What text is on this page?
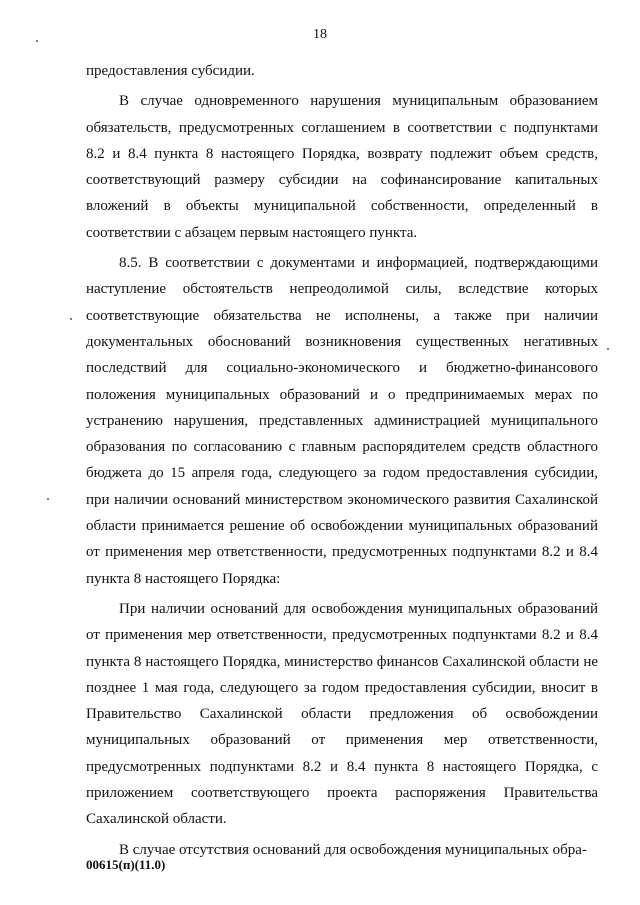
18

предоставления субсидии.

В случае одновременного нарушения муниципальным образованием обязательств, предусмотренных соглашением в соответствии с подпунктами 8.2 и 8.4 пункта 8 настоящего Порядка, возврату подлежит объем средств, соответствующий размеру субсидии на софинансирование капитальных вложений в объекты муниципальной собственности, определенный в соответствии с абзацем первым настоящего пункта.

8.5. В соответствии с документами и информацией, подтверждающими наступление обстоятельств непреодолимой силы, вследствие которых соответствующие обязательства не исполнены, а также при наличии документальных обоснований возникновения существенных негативных последствий для социально-экономического и бюджетно-финансового положения муниципальных образований и о предпринимаемых мерах по устранению нарушения, представленных администрацией муниципального образования по согласованию с главным распорядителем средств областного бюджета до 15 апреля года, следующего за годом предоставления субсидии, при наличии оснований министерством экономического развития Сахалинской области принимается решение об освобождении муниципальных образований от применения мер ответственности, предусмотренных подпунктами 8.2 и 8.4 пункта 8 настоящего Порядка:

При наличии оснований для освобождения муниципальных образований от применения мер ответственности, предусмотренных подпунктами 8.2 и 8.4 пункта 8 настоящего Порядка, министерство финансов Сахалинской области не позднее 1 мая года, следующего за годом предоставления субсидии, вносит в Правительство Сахалинской области предложения об освобождении муниципальных образований от применения мер ответственности, предусмотренных подпунктами 8.2 и 8.4 пункта 8 настоящего Порядка, с приложением соответствующего проекта распоряжения Правительства Сахалинской области.

В случае отсутствия оснований для освобождения муниципальных обра-

00615(п)(11.0)
